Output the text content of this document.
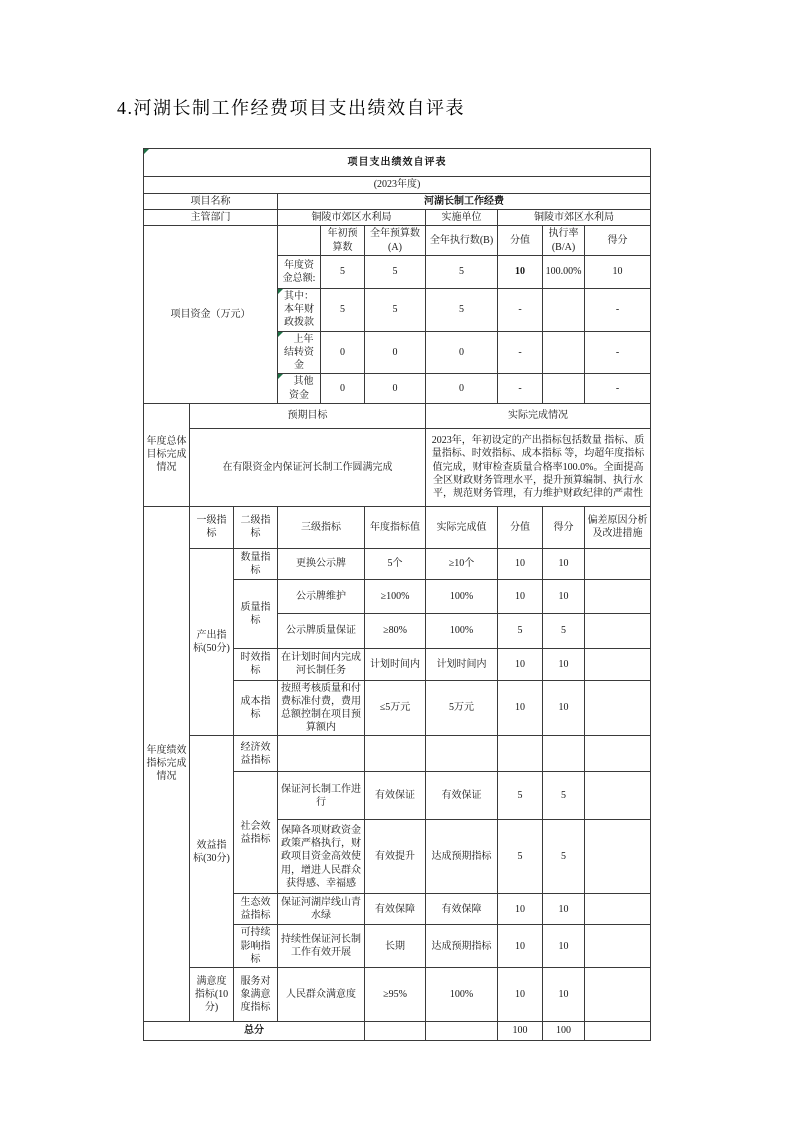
4.河湖长制工作经费项目支出绩效自评表
项目支出绩效自评表									
(2023年度)									
项目名称			河湖长制工作经费						
主管部门			铜陵市郊区水利局			实施单位	铜陵市郊区水利局		
项目资金（万元）				年初预算数	全年预算数(A)	全年执行数(B)	分值	执行率(B/A)	得分
			年度资金总额:	5	5	5	10	100.00%	10

其中：本年财政拨款	5	5	5	-		-

上年结转资金	0	0	0	-		-

其他资金	0	0	0	-		-
年度总体目标完成情况	预期目标					实际完成情况			
	在有限资金内保证河长制工作圆满完成					2023年，年初设定的产出指标包括数量 指标、质量指标、时效指标、成本指标 等，均超年度指标值完成，财审检查质量合格率100.0%。全面提高全区财政财务管理水平，提升预算编制、执行水平，规范财务管理，有力维护财政纪律的严肃性			
年度绩效指标完成情况	一级指标	二级指标	三级指标		年度指标值	实际完成值	分值	得分	偏差原因分析及改进措施
	产出指标(50分)	数量指标	更换公示牌		5个	≥10个	10	10	
		质量指标	公示牌维护		≥100%	100%	10	10	
			公示牌质量保证		≥80%	100%	5	5	
		时效指标	在计划时间内完成河长制任务		计划时间内	计划时间内	10	10	
		成本指标	按照考核质量和付费标准付费，费用总额控制在项目预算额内		≤5万元	5万元	10	10	
	效益指标(30分)	经济效益指标							
		社会效益指标	保证河长制工作进行		有效保证	有效保证	5	5	
			保障各项财政资金政策严格执行，财政项目资金高效使用，增进人民群众获得感、幸福感		有效提升	达成预期指标	5	5	
		生态效益指标	保证河湖岸线山青水绿		有效保障	有效保障	10	10	
		可持续影响指标	持续性保证河长制工作有效开展		长期	达成预期指标	10	10	
	满意度指标(10分)	服务对象满意度指标	人民群众满意度		≥95%	100%	10	10	
总分							100	100	
